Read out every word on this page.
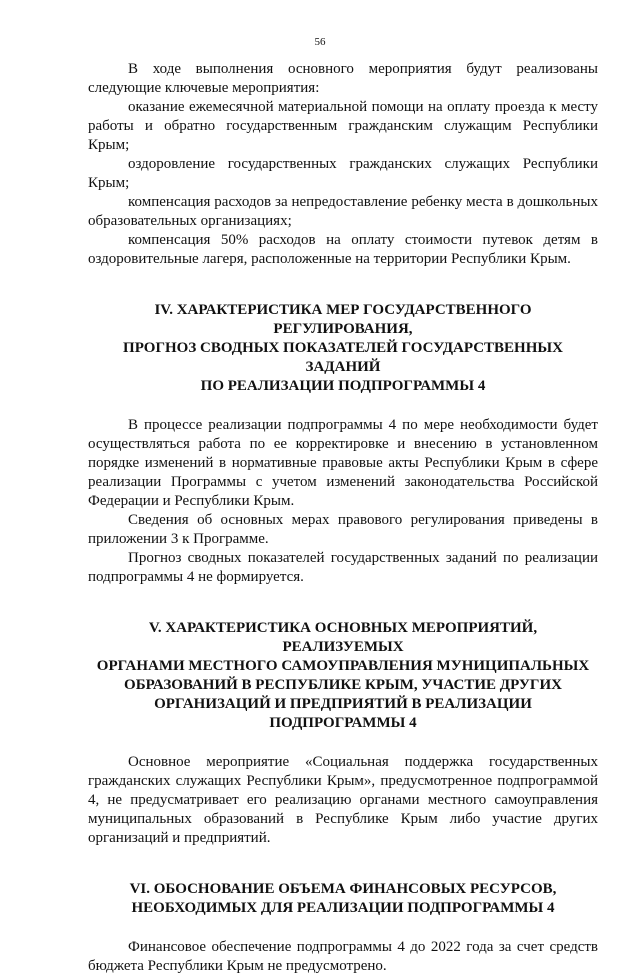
56

В ходе выполнения основного мероприятия будут реализованы следующие ключевые мероприятия:

оказание ежемесячной материальной помощи на оплату проезда к месту работы и обратно государственным гражданским служащим Республики Крым;

оздоровление государственных гражданских служащих Республики Крым;

компенсация расходов за непредоставление ребенку места в дошкольных образовательных организациях;

компенсация 50% расходов на оплату стоимости путевок детям в оздоровительные лагеря, расположенные на территории Республики Крым.

IV. ХАРАКТЕРИСТИКА МЕР ГОСУДАРСТВЕННОГО РЕГУЛИРОВАНИЯ,
ПРОГНОЗ СВОДНЫХ ПОКАЗАТЕЛЕЙ ГОСУДАРСТВЕННЫХ ЗАДАНИЙ
ПО РЕАЛИЗАЦИИ ПОДПРОГРАММЫ 4

В процессе реализации подпрограммы 4 по мере необходимости будет осуществляться работа по ее корректировке и внесению в установленном порядке изменений в нормативные правовые акты Республики Крым в сфере реализации Программы с учетом изменений законодательства Российской Федерации и Республики Крым.

Сведения об основных мерах правового регулирования приведены в приложении 3 к Программе.

Прогноз сводных показателей государственных заданий по реализации подпрограммы 4 не формируется.

V. ХАРАКТЕРИСТИКА ОСНОВНЫХ МЕРОПРИЯТИЙ, РЕАЛИЗУЕМЫХ
ОРГАНАМИ МЕСТНОГО САМОУПРАВЛЕНИЯ МУНИЦИПАЛЬНЫХ
ОБРАЗОВАНИЙ В РЕСПУБЛИКЕ КРЫМ, УЧАСТИЕ ДРУГИХ
ОРГАНИЗАЦИЙ И ПРЕДПРИЯТИЙ В РЕАЛИЗАЦИИ ПОДПРОГРАММЫ 4

Основное мероприятие «Социальная поддержка государственных гражданских служащих Республики Крым», предусмотренное подпрограммой 4, не предусматривает его реализацию органами местного самоуправления муниципальных образований в Республике Крым либо участие других организаций и предприятий.

VI. ОБОСНОВАНИЕ ОБЪЕМА ФИНАНСОВЫХ РЕСУРСОВ,
НЕОБХОДИМЫХ ДЛЯ РЕАЛИЗАЦИИ ПОДПРОГРАММЫ 4

Финансовое обеспечение подпрограммы 4 до 2022 года за счет средств бюджета Республики Крым не предусмотрено.
